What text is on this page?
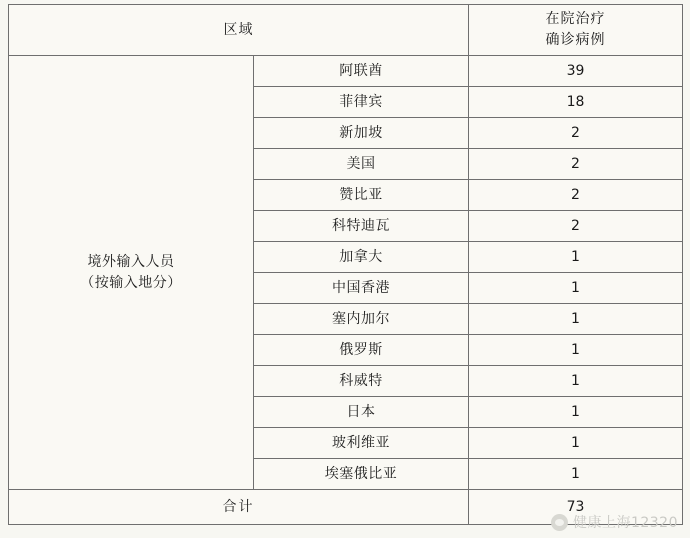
区域		在院治疗
确诊病例

境外输入人员
（按输入地分）	阿联酋	39
	菲律宾	18
	新加坡	2
	美国	2
	赞比亚	2
	科特迪瓦	2
	加拿大	1
	中国香港	1
	塞内加尔	1
	俄罗斯	1
	科威特	1
	日本	1
	玻利维亚	1
	埃塞俄比亚	1
合计		73
健康上海12320
